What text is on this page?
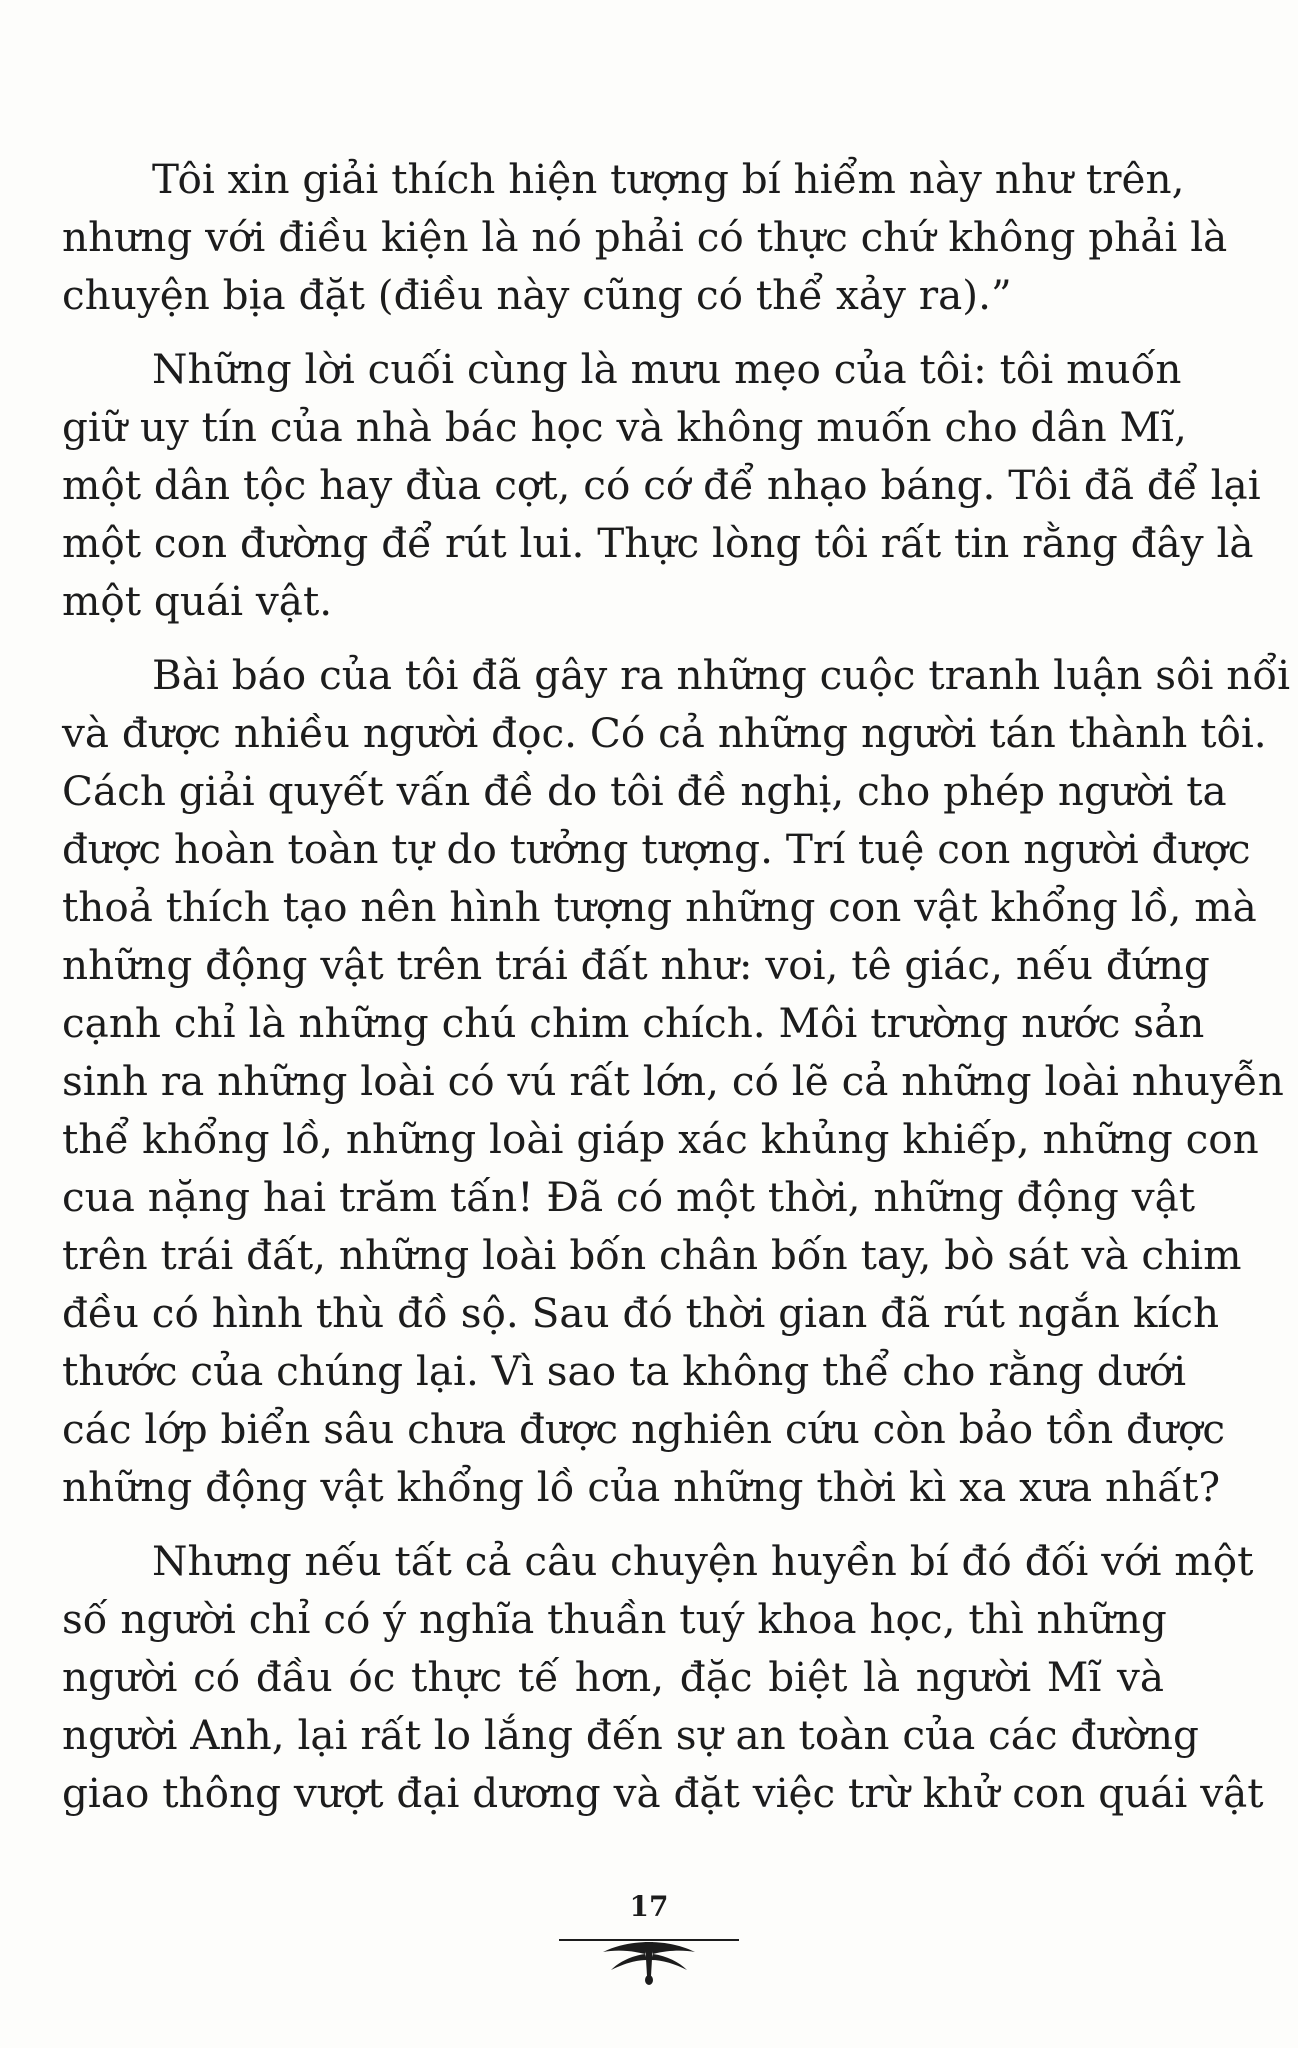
Tôi xin giải thích hiện tượng bí hiểm này như trên,
nhưng với điều kiện là nó phải có thực chứ không phải là
chuyện bịa đặt (điều này cũng có thể xảy ra).”
Những lời cuối cùng là mưu mẹo của tôi: tôi muốn
giữ uy tín của nhà bác học và không muốn cho dân Mĩ,
một dân tộc hay đùa cợt, có cớ để nhạo báng. Tôi đã để lại
một con đường để rút lui. Thực lòng tôi rất tin rằng đây là
một quái vật.
Bài báo của tôi đã gây ra những cuộc tranh luận sôi nổi
và được nhiều người đọc. Có cả những người tán thành tôi.
Cách giải quyết vấn đề do tôi đề nghị, cho phép người ta
được hoàn toàn tự do tưởng tượng. Trí tuệ con người được
thoả thích tạo nên hình tượng những con vật khổng lồ, mà
những động vật trên trái đất như: voi, tê giác, nếu đứng
cạnh chỉ là những chú chim chích. Môi trường nước sản
sinh ra những loài có vú rất lớn, có lẽ cả những loài nhuyễn
thể khổng lồ, những loài giáp xác khủng khiếp, những con
cua nặng hai trăm tấn! Đã có một thời, những động vật
trên trái đất, những loài bốn chân bốn tay, bò sát và chim
đều có hình thù đồ sộ. Sau đó thời gian đã rút ngắn kích
thước của chúng lại. Vì sao ta không thể cho rằng dưới
các lớp biển sâu chưa được nghiên cứu còn bảo tồn được
những động vật khổng lồ của những thời kì xa xưa nhất?
Nhưng nếu tất cả câu chuyện huyền bí đó đối với một
số người chỉ có ý nghĩa thuần tuý khoa học, thì những
người có đầu óc thực tế hơn, đặc biệt là người Mĩ và
người Anh, lại rất lo lắng đến sự an toàn của các đường
giao thông vượt đại dương và đặt việc trừ khử con quái vật
17
